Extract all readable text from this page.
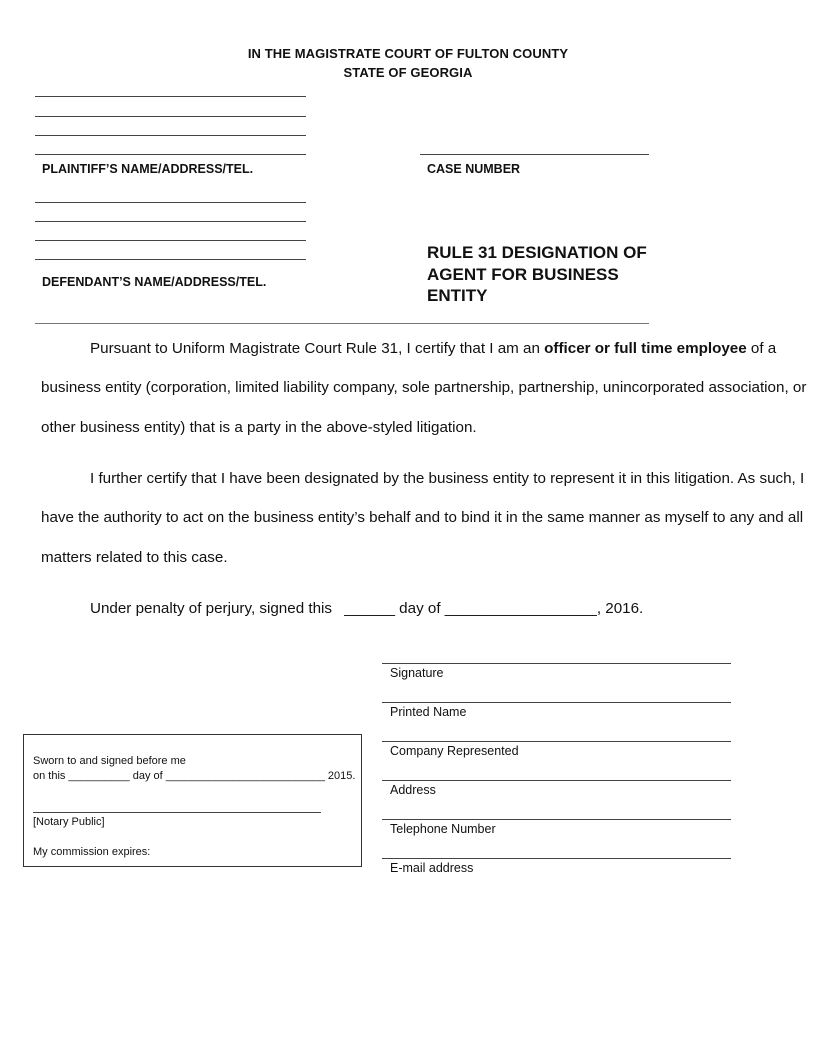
IN THE MAGISTRATE COURT OF FULTON COUNTY
STATE OF GEORGIA
PLAINTIFF’S NAME/ADDRESS/TEL.	CASE NUMBER
DEFENDANT’S NAME/ADDRESS/TEL.
RULE 31 DESIGNATION OF
AGENT FOR BUSINESS
ENTITY
Pursuant to Uniform Magistrate Court Rule 31, I certify that I am an officer or full time employee of a
business entity (corporation, limited liability company, sole partnership, partnership, unincorporated association, or
other business entity) that is a party in the above-styled litigation.
I further certify that I have been designated by the business entity to represent it in this litigation. As such, I
have the authority to act on the business entity’s behalf and to bind it in the same manner as myself to any and all
matters related to this case.
Under penalty of perjury, signed this ______ day of __________________, 2016.
Signature
Printed Name
Company Represented
Address
Telephone Number
E-mail address
Sworn to and signed before me
on this __________ day of __________________________ 2015.
[Notary Public]
My commission expires:
